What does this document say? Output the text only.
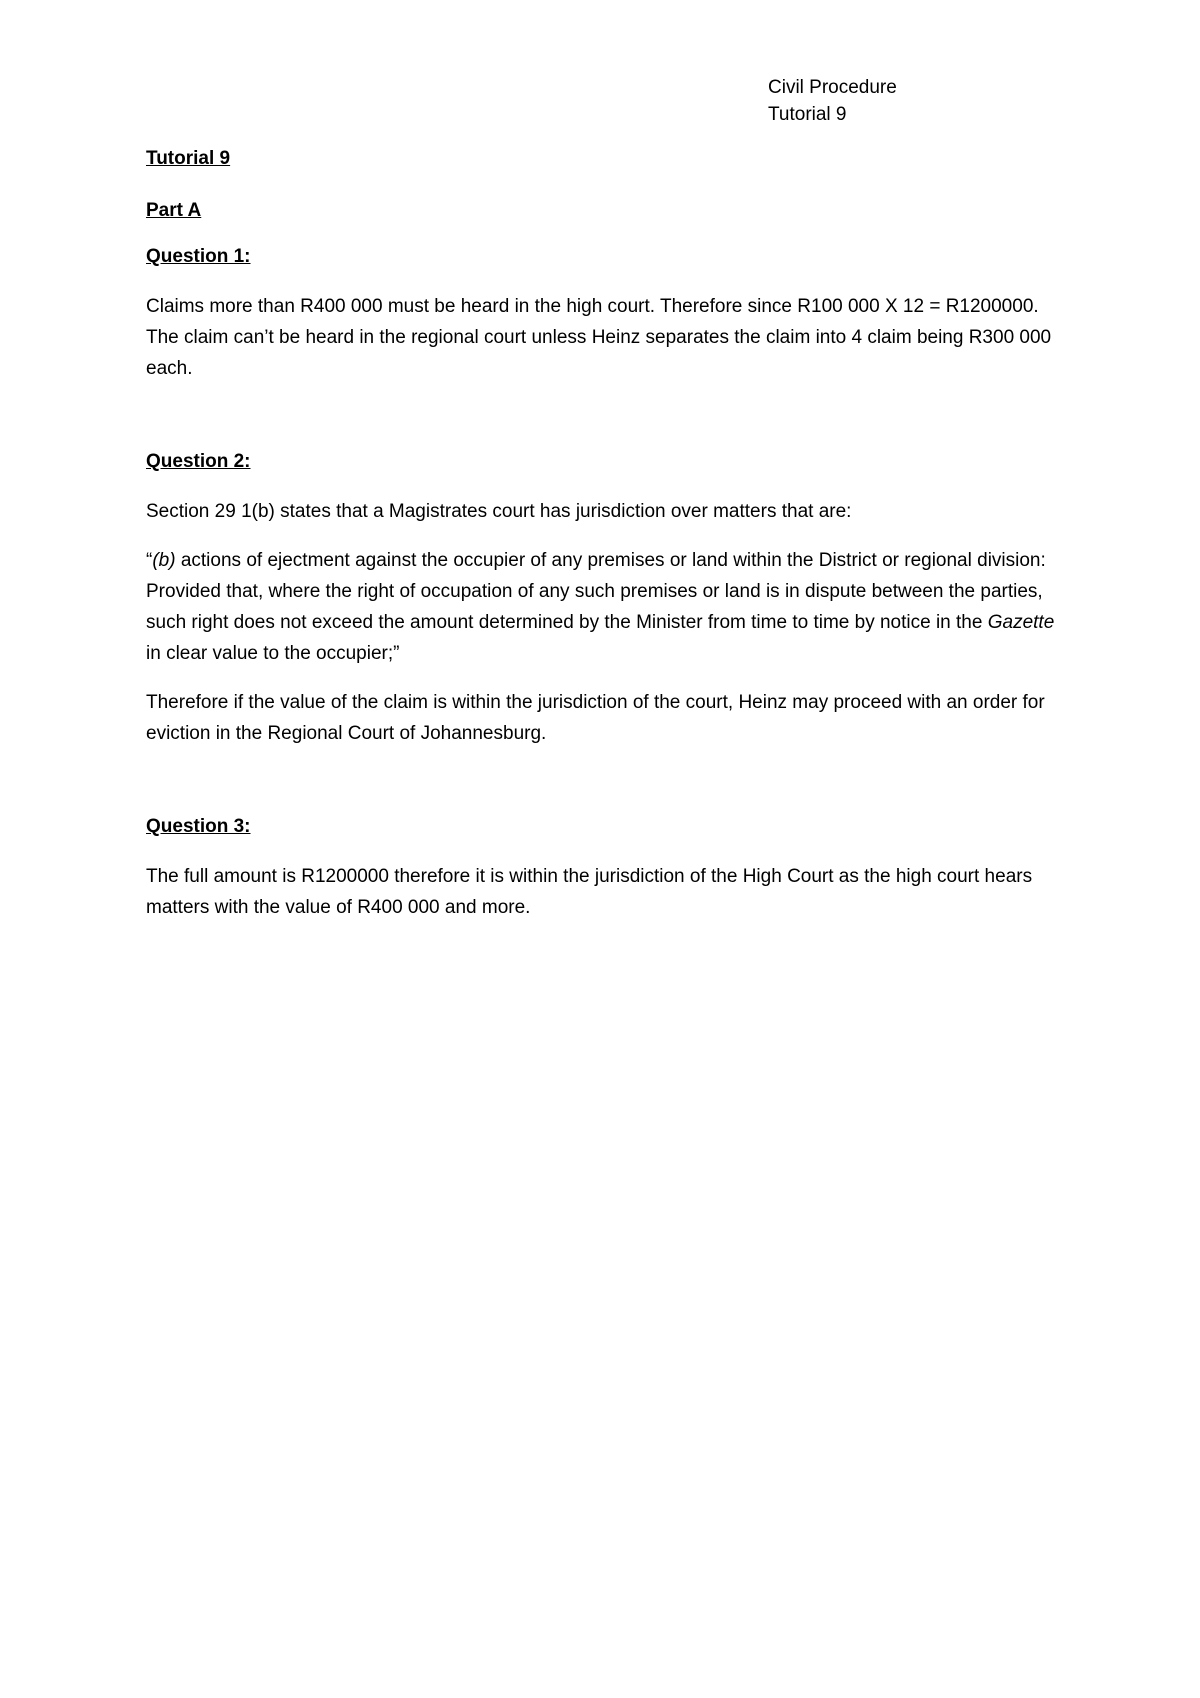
Civil Procedure
Tutorial 9
Tutorial 9
Part A
Question 1:

Claims more than R400 000 must be heard in the high court. Therefore since R100 000 X 12 = R1200000. The claim can’t be heard in the regional court unless Heinz separates the claim into 4 claim being R300 000 each.

Question 2:

Section 29 1(b) states that a Magistrates court has jurisdiction over matters that are:

“(b) actions of ejectment against the occupier of any premises or land within the District or regional division: Provided that, where the right of occupation of any such premises or land is in dispute between the parties, such right does not exceed the amount determined by the Minister from time to time by notice in the Gazette in clear value to the occupier;”

Therefore if the value of the claim is within the jurisdiction of the court, Heinz may proceed with an order for eviction in the Regional Court of Johannesburg.

Question 3:

The full amount is R1200000 therefore it is within the jurisdiction of the High Court as the high court hears matters with the value of R400 000 and more.
